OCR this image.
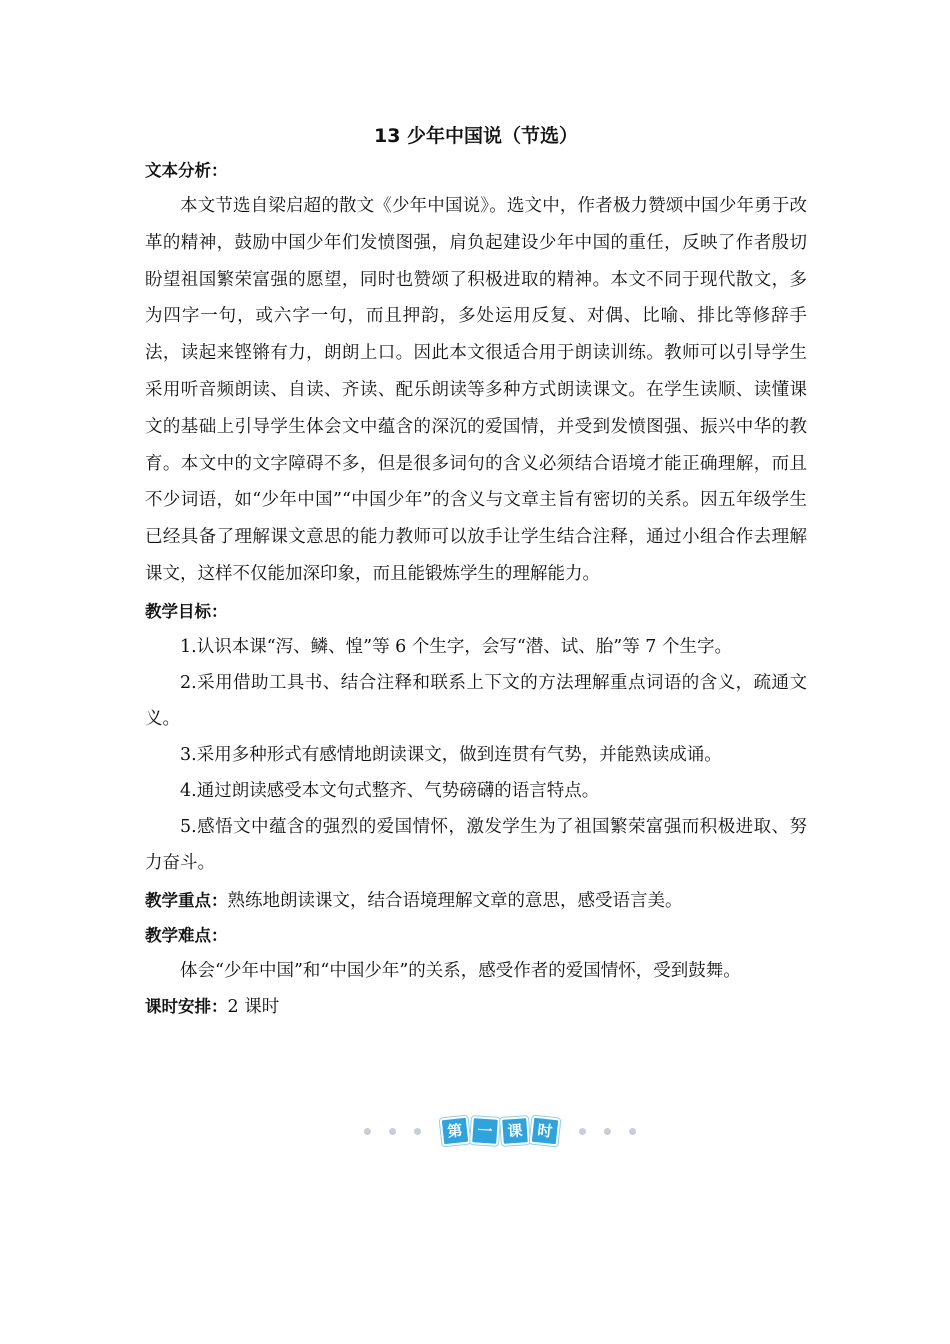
13 少年中国说（节选）

文本分析：

本文节选自梁启超的散文《少年中国说》。选文中，作者极力赞颂中国少年勇于改革的精神，鼓励中国少年们发愤图强，肩负起建设少年中国的重任，反映了作者殷切盼望祖国繁荣富强的愿望，同时也赞颂了积极进取的精神。本文不同于现代散文，多为四字一句，或六字一句，而且押韵，多处运用反复、对偶、比喻、排比等修辞手法，读起来铿锵有力，朗朗上口。因此本文很适合用于朗读训练。教师可以引导学生采用听音频朗读、自读、齐读、配乐朗读等多种方式朗读课文。在学生读顺、读懂课文的基础上引导学生体会文中蕴含的深沉的爱国情，并受到发愤图强、振兴中华的教育。本文中的文字障碍不多，但是很多词句的含义必须结合语境才能正确理解，而且不少词语，如“少年中国”“中国少年”的含义与文章主旨有密切的关系。因五年级学生已经具备了理解课文意思的能力教师可以放手让学生结合注释，通过小组合作去理解课文，这样不仅能加深印象，而且能锻炼学生的理解能力。

教学目标：

1.认识本课“泻、鳞、惶”等 6 个生字，会写“潜、试、胎”等 7 个生字。

2.采用借助工具书、结合注释和联系上下文的方法理解重点词语的含义，疏通文义。

3.采用多种形式有感情地朗读课文，做到连贯有气势，并能熟读成诵。

4.通过朗读感受本文句式整齐、气势磅礴的语言特点。

5.感悟文中蕴含的强烈的爱国情怀，激发学生为了祖国繁荣富强而积极进取、努力奋斗。

教学重点：熟练地朗读课文，结合语境理解文章的意思，感受语言美。

教学难点：

体会“少年中国”和“中国少年”的关系，感受作者的爱国情怀，受到鼓舞。

课时安排：2 课时

第 一 课 时
